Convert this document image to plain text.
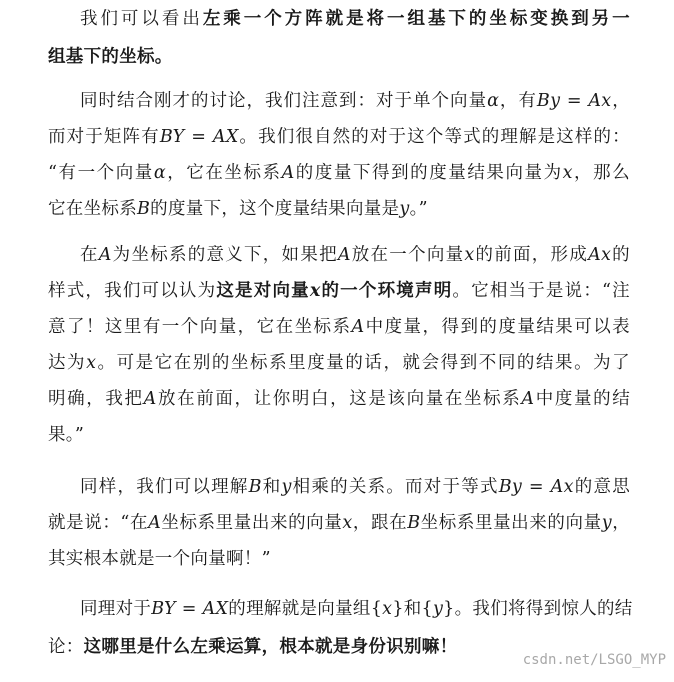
我们可以看出左乘一个方阵就是将一组基下的坐标变换到另一
组基下的坐标。
同时结合刚才的讨论，我们注意到：对于单个向量α，有By = Ax，
而对于矩阵有BY = AX。我们很自然的对于这个等式的理解是这样的：
“有一个向量α，它在坐标系A的度量下得到的度量结果向量为x，那么
它在坐标系B的度量下，这个度量结果向量是y。”
在A为坐标系的意义下，如果把A放在一个向量x的前面，形成Ax的
样式，我们可以认为这是对向量x的一个环境声明。它相当于是说：“注
意了！这里有一个向量，它在坐标系A中度量，得到的度量结果可以表
达为x。可是它在别的坐标系里度量的话，就会得到不同的结果。为了
明确，我把A放在前面，让你明白，这是该向量在坐标系A中度量的结
果。”
同样，我们可以理解B和y相乘的关系。而对于等式By = Ax的意思
就是说：“在A坐标系里量出来的向量x，跟在B坐标系里量出来的向量y，
其实根本就是一个向量啊！”
同理对于BY = AX的理解就是向量组{x}和{y}。我们将得到惊人的结
论：这哪里是什么左乘运算，根本就是身份识别嘛！
csdn.net/LSGO_MYP
